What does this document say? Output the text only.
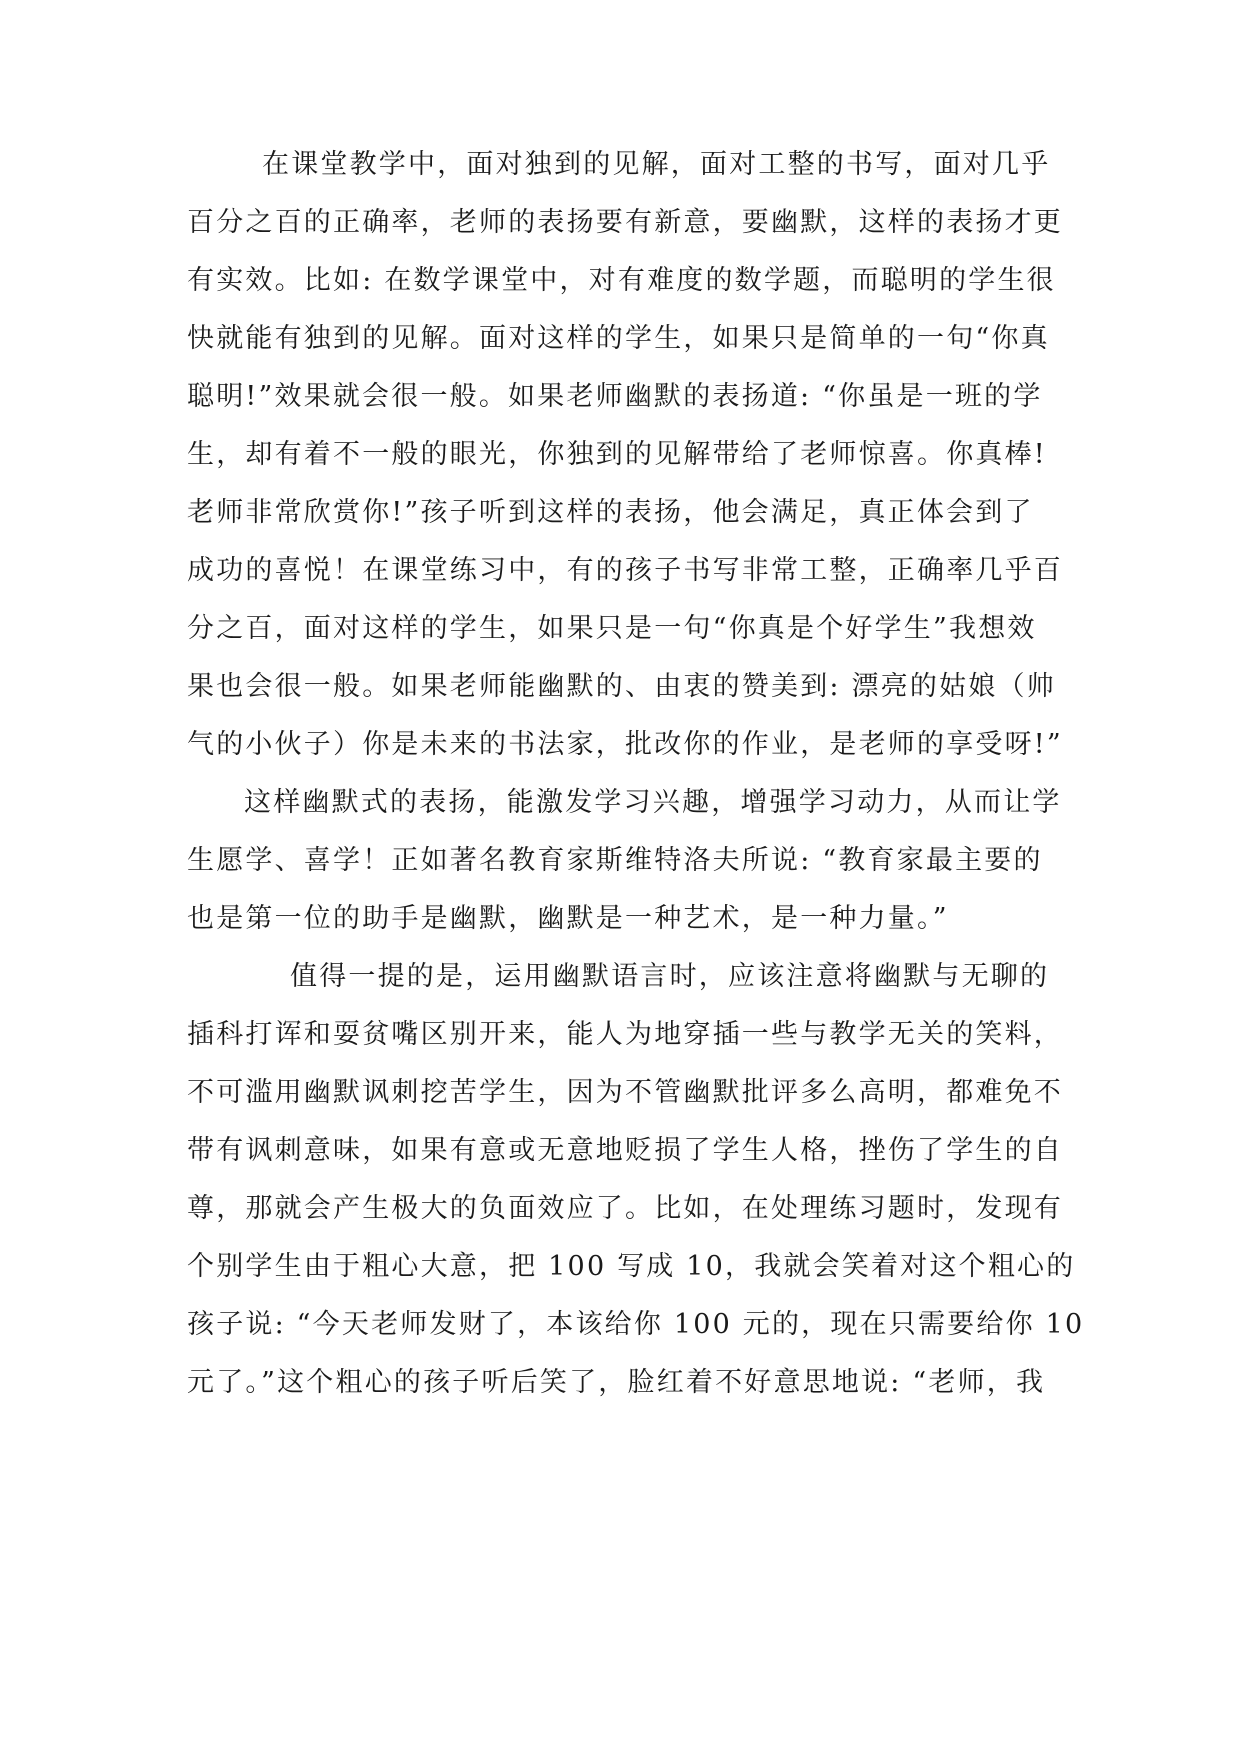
在课堂教学中，面对独到的见解，面对工整的书写，面对几乎
百分之百的正确率，老师的表扬要有新意，要幽默，这样的表扬才更
有实效。比如: 在数学课堂中，对有难度的数学题，而聪明的学生很
快就能有独到的见解。面对这样的学生，如果只是简单的一句“你真
聪明!”效果就会很一般。如果老师幽默的表扬道: “你虽是一班的学
生，却有着不一般的眼光，你独到的见解带给了老师惊喜。你真棒!
老师非常欣赏你!”孩子听到这样的表扬，他会满足，真正体会到了
成功的喜悦！在课堂练习中，有的孩子书写非常工整，正确率几乎百
分之百，面对这样的学生，如果只是一句“你真是个好学生”我想效
果也会很一般。如果老师能幽默的、由衷的赞美到: 漂亮的姑娘（帅
气的小伙子）你是未来的书法家，批改你的作业，是老师的享受呀!”
这样幽默式的表扬，能激发学习兴趣，增强学习动力，从而让学
生愿学、喜学！正如著名教育家斯维特洛夫所说: “教育家最主要的
也是第一位的助手是幽默，幽默是一种艺术，是一种力量。”
值得一提的是，运用幽默语言时，应该注意将幽默与无聊的
插科打诨和耍贫嘴区别开来，能人为地穿插一些与教学无关的笑料，
不可滥用幽默讽刺挖苦学生，因为不管幽默批评多么高明，都难免不
带有讽刺意味，如果有意或无意地贬损了学生人格，挫伤了学生的自
尊，那就会产生极大的负面效应了。比如，在处理练习题时，发现有
个别学生由于粗心大意，把 100 写成 10，我就会笑着对这个粗心的
孩子说: “今天老师发财了，本该给你 100 元的，现在只需要给你 10
元了。”这个粗心的孩子听后笑了，脸红着不好意思地说: “老师，我
